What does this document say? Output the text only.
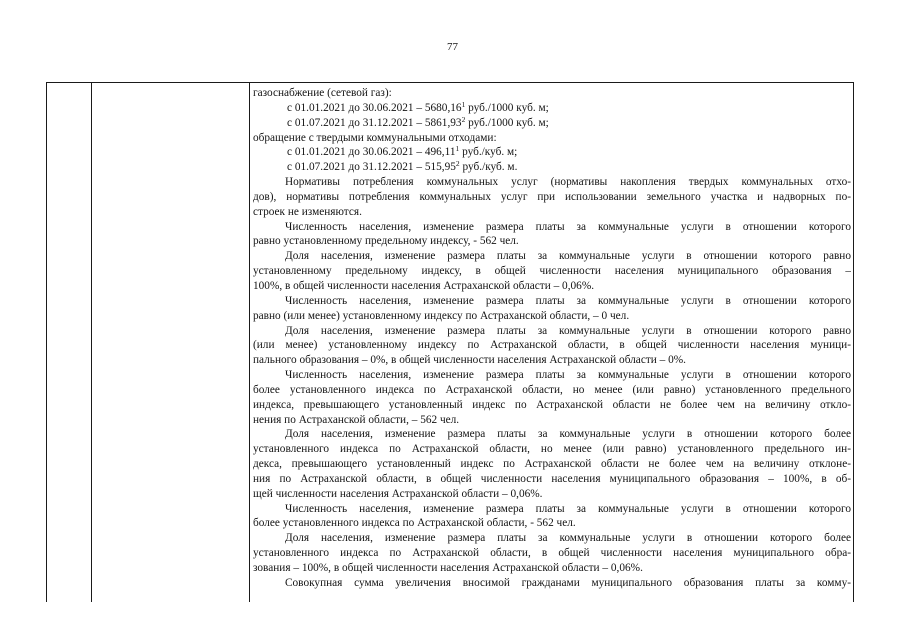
77
газоснабжение (сетевой газ):
с 01.01.2021 до 30.06.2021 – 5680,16$^1$ руб./1000 куб. м;
с 01.07.2021 до 31.12.2021 – 5861,93$^2$ руб./1000 куб. м;
обращение с твердыми коммунальными отходами:
с 01.01.2021 до 30.06.2021 – 496,11$^1$ руб./куб. м;
с 01.07.2021 до 31.12.2021 – 515,95$^2$ руб./куб. м.
Нормативы потребления коммунальных услуг (нормативы накопления твердых коммунальных отхо-
дов), нормативы потребления коммунальных услуг при использовании земельного участка и надворных по-
строек не изменяются.
Численность населения, изменение размера платы за коммунальные услуги в отношении которого
равно установленному предельному индексу, - 562 чел.
Доля населения, изменение размера платы за коммунальные услуги в отношении которого равно
установленному предельному индексу, в общей численности населения муниципального образования –
100%, в общей численности населения Астраханской области – 0,06%.
Численность населения, изменение размера платы за коммунальные услуги в отношении которого
равно (или менее) установленному индексу по Астраханской области, – 0 чел.
Доля населения, изменение размера платы за коммунальные услуги в отношении которого равно
(или менее) установленному индексу по Астраханской области, в общей численности населения муници-
пального образования – 0%, в общей численности населения Астраханской области – 0%.
Численность населения, изменение размера платы за коммунальные услуги в отношении которого
более установленного индекса по Астраханской области, но менее (или равно) установленного предельного
индекса, превышающего установленный индекс по Астраханской области не более чем на величину откло-
нения по Астраханской области, – 562 чел.
Доля населения, изменение размера платы за коммунальные услуги в отношении которого более
установленного индекса по Астраханской области, но менее (или равно) установленного предельного ин-
декса, превышающего установленный индекс по Астраханской области не более чем на величину отклоне-
ния по Астраханской области, в общей численности населения муниципального образования – 100%, в об-
щей численности населения Астраханской области – 0,06%.
Численность населения, изменение размера платы за коммунальные услуги в отношении которого
более установленного индекса по Астраханской области, - 562 чел.
Доля населения, изменение размера платы за коммунальные услуги в отношении которого более
установленного индекса по Астраханской области, в общей численности населения муниципального обра-
зования – 100%, в общей численности населения Астраханской области – 0,06%.
Совокупная сумма увеличения вносимой гражданами муниципального образования платы за комму-
